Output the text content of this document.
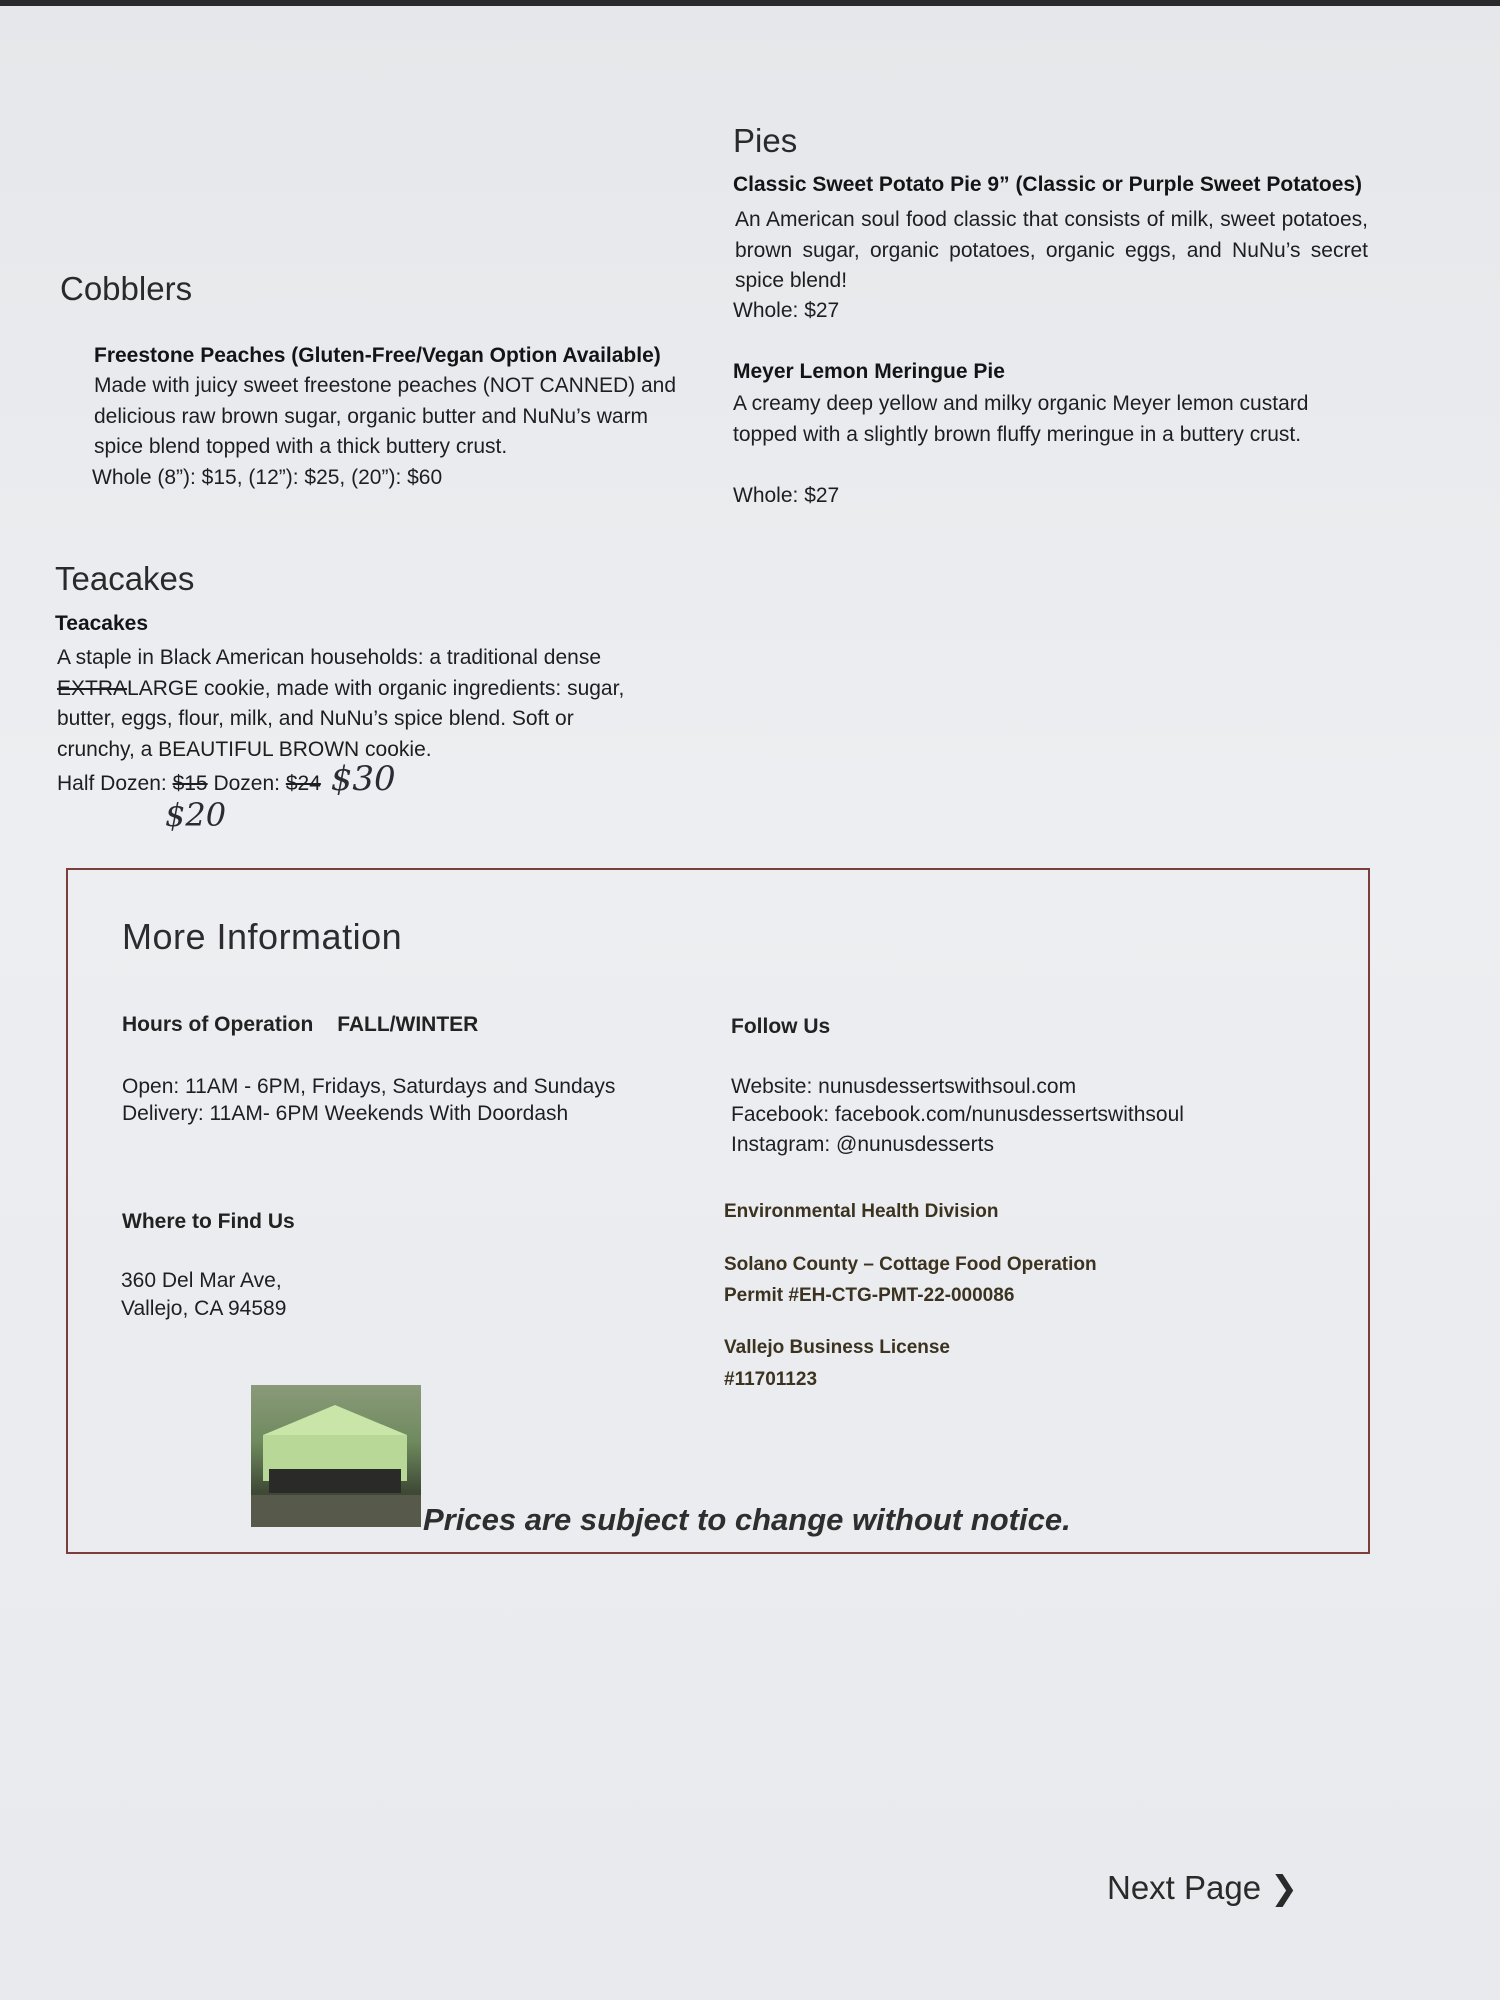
Pies
Classic Sweet Potato Pie 9” (Classic or Purple Sweet Potatoes)
An American soul food classic that consists of milk, sweet potatoes, brown sugar, organic potatoes, organic eggs, and NuNu’s secret spice blend!
Whole: $27
Meyer Lemon Meringue Pie
A creamy deep yellow and milky organic Meyer lemon custard topped with a slightly brown fluffy meringue in a buttery crust.
Whole: $27
Cobblers
Freestone Peaches (Gluten-Free/Vegan Option Available)
Made with juicy sweet freestone peaches (NOT CANNED) and delicious raw brown sugar, organic butter and NuNu’s warm spice blend topped with a thick buttery crust.
Whole (8”): $15, (12”): $25, (20”): $60
Teacakes
Teacakes
A staple in Black American households: a traditional dense
EXTRALARGE cookie, made with organic ingredients: sugar,
butter, eggs, flour, milk, and NuNu’s spice blend. Soft or
crunchy, a BEAUTIFUL BROWN cookie.
Half Dozen: $15 Dozen: $24 $30
$20
More Information
Hours of Operation FALL/WINTER
Open: 11AM - 6PM, Fridays, Saturdays and Sundays
Delivery: 11AM- 6PM Weekends With Doordash
Follow Us
Website: nunusdessertswithsoul.com
Facebook: facebook.com/nunusdessertswithsoul
Instagram: @nunusdesserts
Where to Find Us
360 Del Mar Ave,
Vallejo, CA 94589
Environmental Health Division
Solano County – Cottage Food Operation
Permit #EH-CTG-PMT-22-000086
Vallejo Business License
#11701123
Prices are subject to change without notice.
Next Page ❯
